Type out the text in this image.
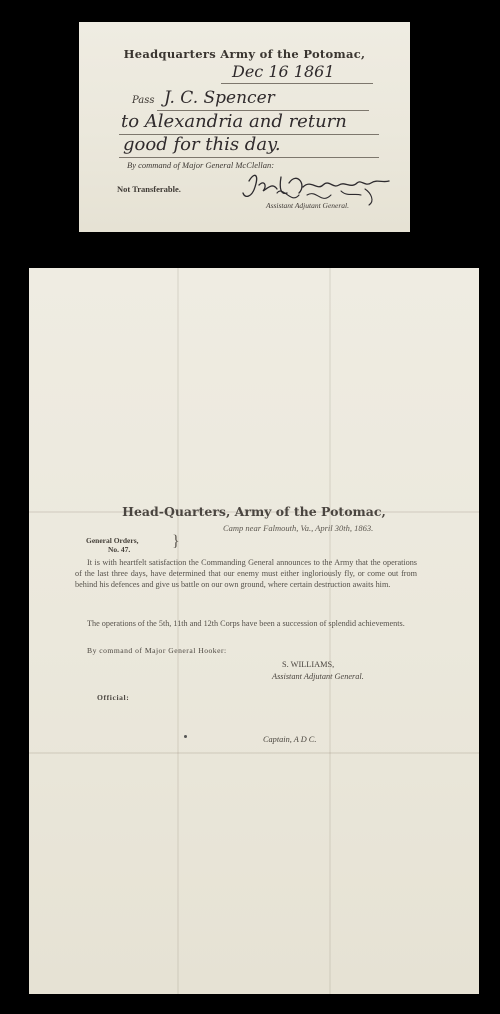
Headquarters Army of the Potomac,
Dec 16 1861
Pass J. C. Spencer
to Alexandria and return
good for this day.
By command of Major General McClellan:
Not Transferable.
Assistant Adjutant General.
Head-Quarters, Army of the Potomac,
Camp near Falmouth, Va., April 30th, 1863.
General Orders,
No. 47.	}

It is with heartfelt satisfaction the Commanding General announces to the Army that the operations of the last three days, have determined that our enemy must either ingloriously fly, or come out from behind his defences and give us battle on our own ground, where certain destruction awaits him.

The operations of the 5th, 11th and 12th Corps have been a succession of splendid achievements.

By command of Major General Hooker:
S. WILLIAMS,
Assistant Adjutant General.
Official:
Captain, A D C.
